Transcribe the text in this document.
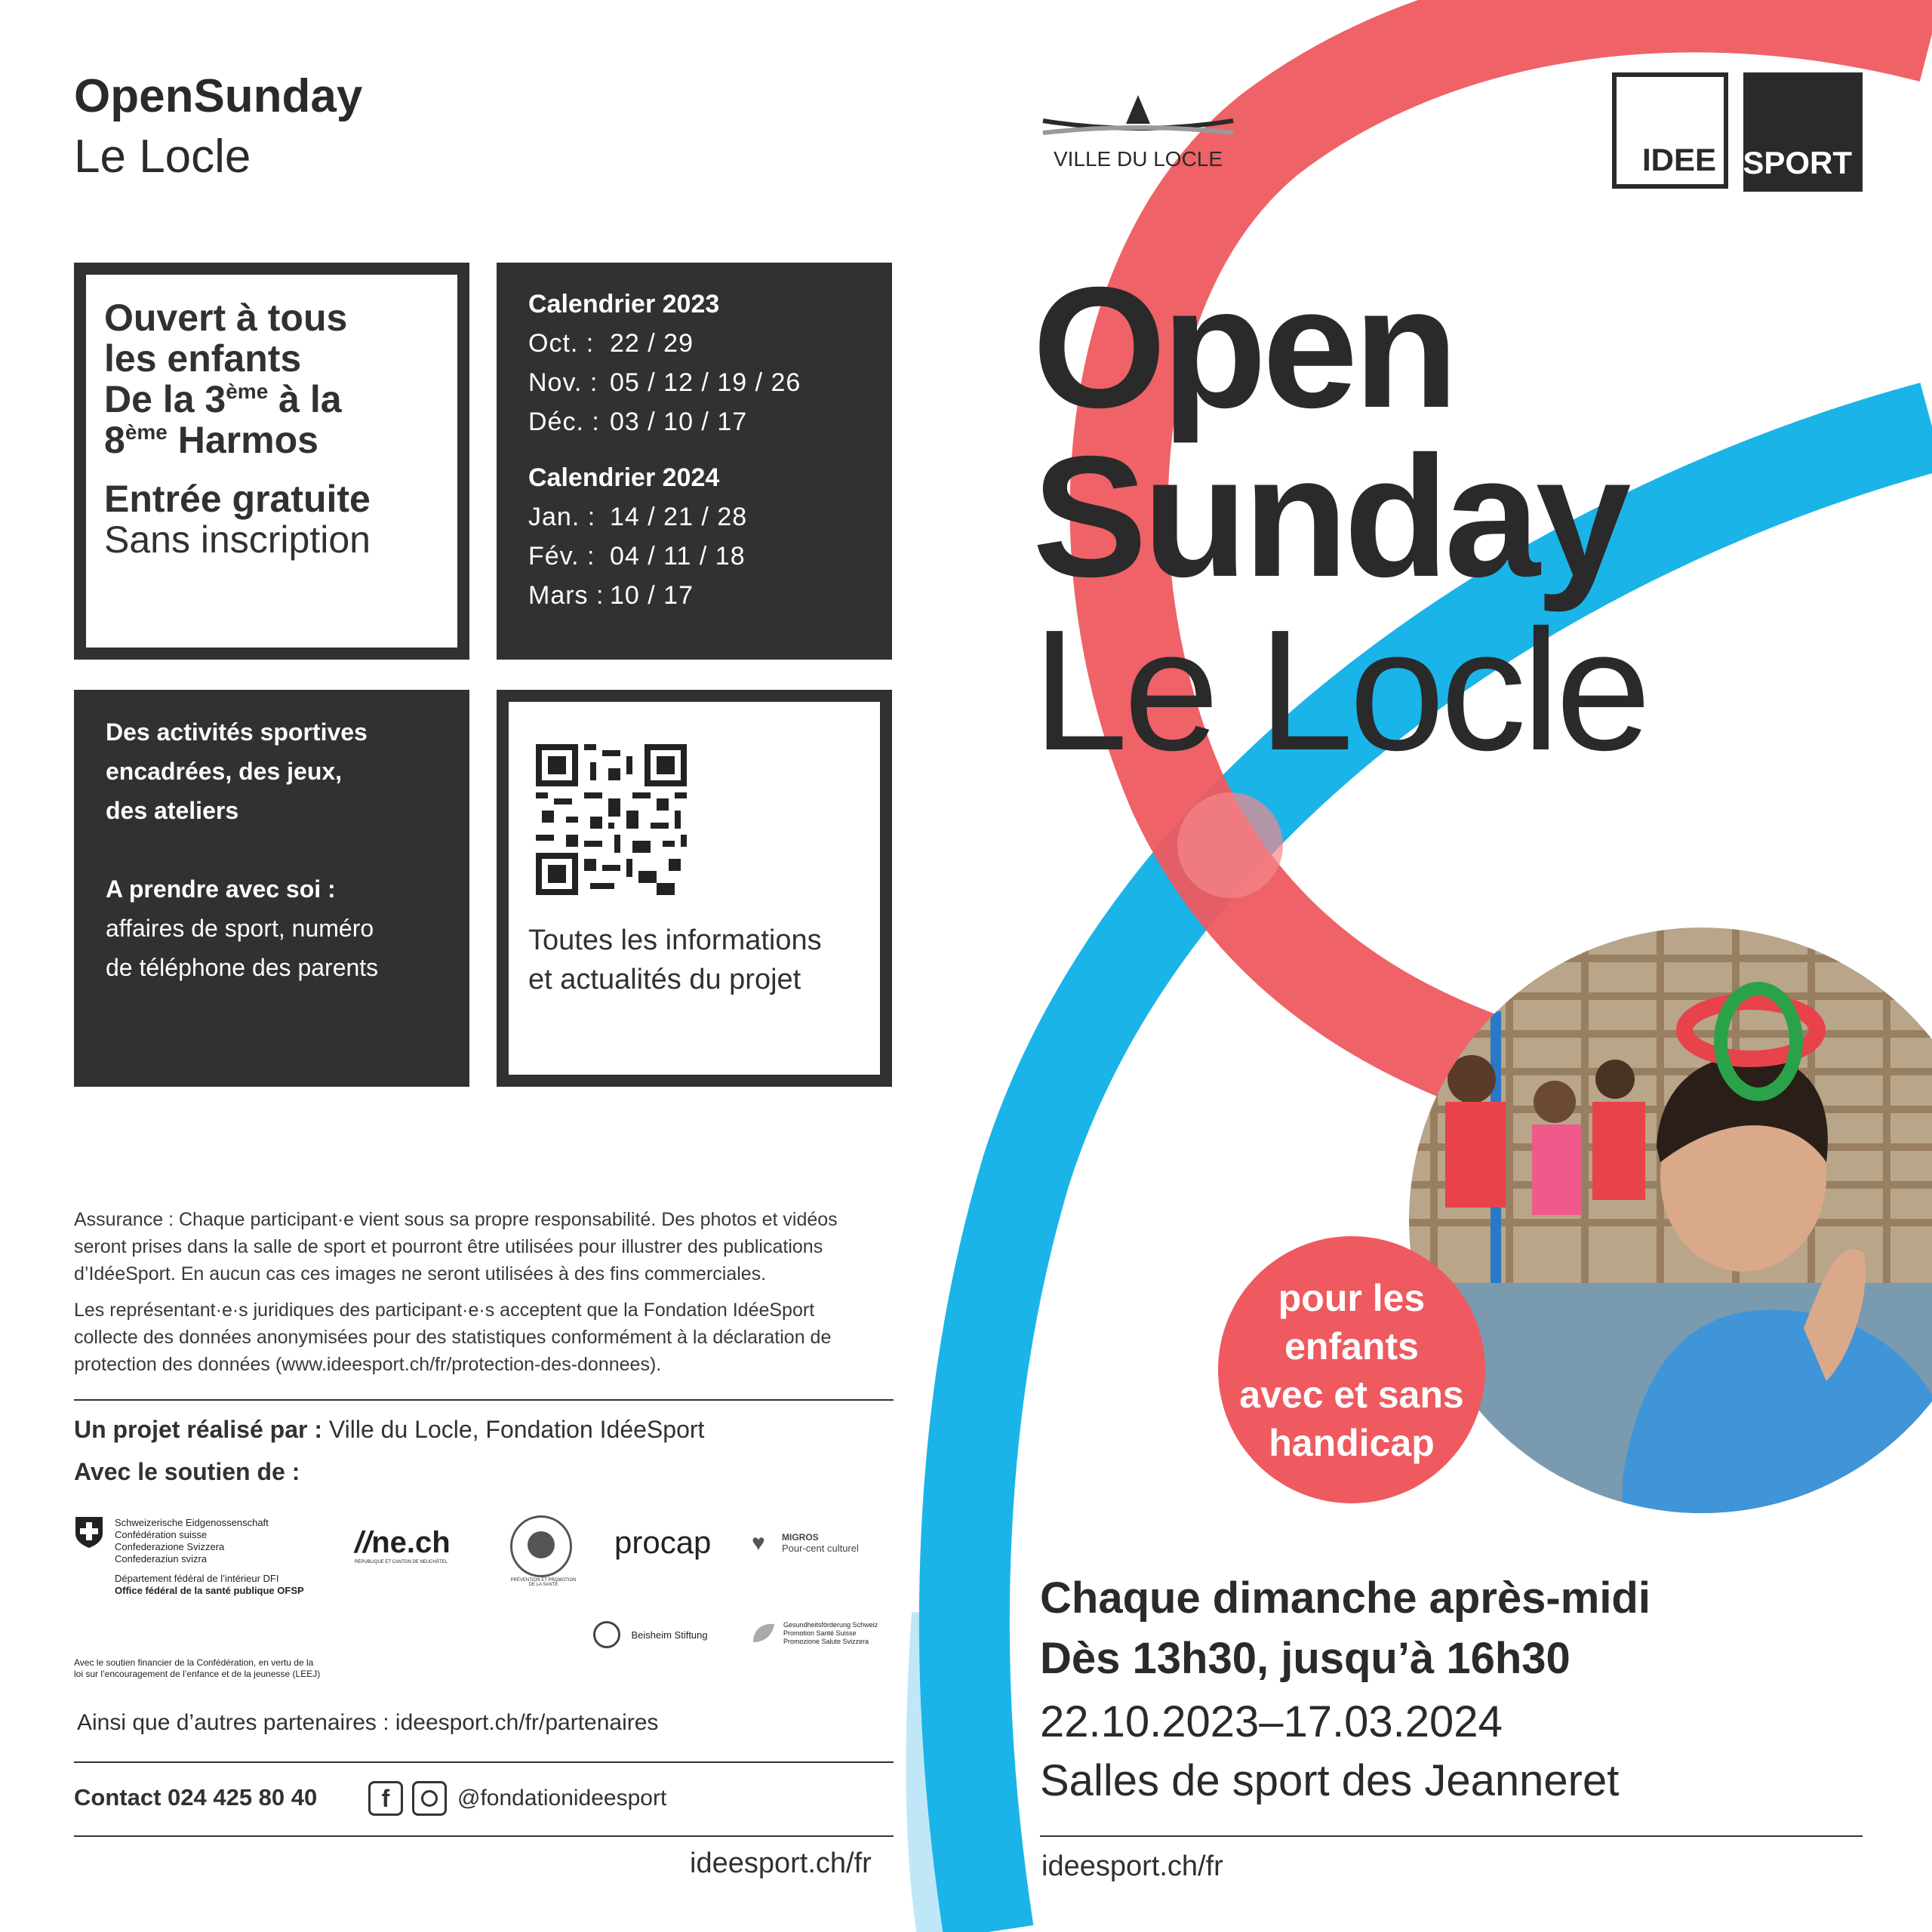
OpenSunday
Le Locle
Ouvert à tous
les enfants
De la 3ème à la
8ème Harmos
Entrée gratuite
Sans inscription
Calendrier 2023
Oct. : 22 / 29
Nov. : 05 / 12 / 19 / 26
Déc. : 03 / 10 / 17
Calendrier 2024
Jan. : 14 / 21 / 28
Fév. : 04 / 11 / 18
Mars : 10 / 17
Des activités sportives
encadrées, des jeux,
des ateliers
A prendre avec soi :
affaires de sport, numéro
de téléphone des parents
Toutes les informations
et actualités du projet
Assurance : Chaque participant·e vient sous sa propre responsabilité. Des photos et vidéos
seront prises dans la salle de sport et pourront être utilisées pour illustrer des publications
d’IdéeSport. En aucun cas ces images ne seront utilisées à des fins commerciales.
Les représentant·e·s juridiques des participant·e·s acceptent que la Fondation IdéeSport
collecte des données anonymisées pour des statistiques conformément à la déclaration de
protection des données (www.ideesport.ch/fr/protection-des-donnees).
Un projet réalisé par : Ville du Locle, Fondation IdéeSport
Avec le soutien de :
Schweizerische Eidgenossenschaft
Confédération suisse
Confederazione Svizzera
Confederaziun svizra
Département fédéral de l’intérieur DFI
Office fédéral de la santé publique OFSP
Avec le soutien financier de la Confédération, en vertu de la
loi sur l’encouragement de l’enfance et de la jeunesse (LEEJ)
//ne.ch
RÉPUBLIQUE ET CANTON DE NEUCHÂTEL
PRÉVENTION ET PROMOTION DE LA SANTÉ
procap ♥ MIGROS
Pour-cent culturel
Beisheim Stiftung
Gesundheitsförderung Schweiz
Promotion Santé Suisse
Promozione Salute Svizzera
Ainsi que d’autres partenaires : ideesport.ch/fr/partenaires
Contact 024 425 80 40	f	@fondationideesport
ideesport.ch/fr
VILLE DU LOCLE	IDEE SPORT
Open
Sunday
Le Locle
pour les
enfants
avec et sans
handicap
Chaque dimanche après-midi
Dès 13h30, jusqu’à 16h30
22.10.2023–17.03.2024
Salles de sport des Jeanneret
ideesport.ch/fr
